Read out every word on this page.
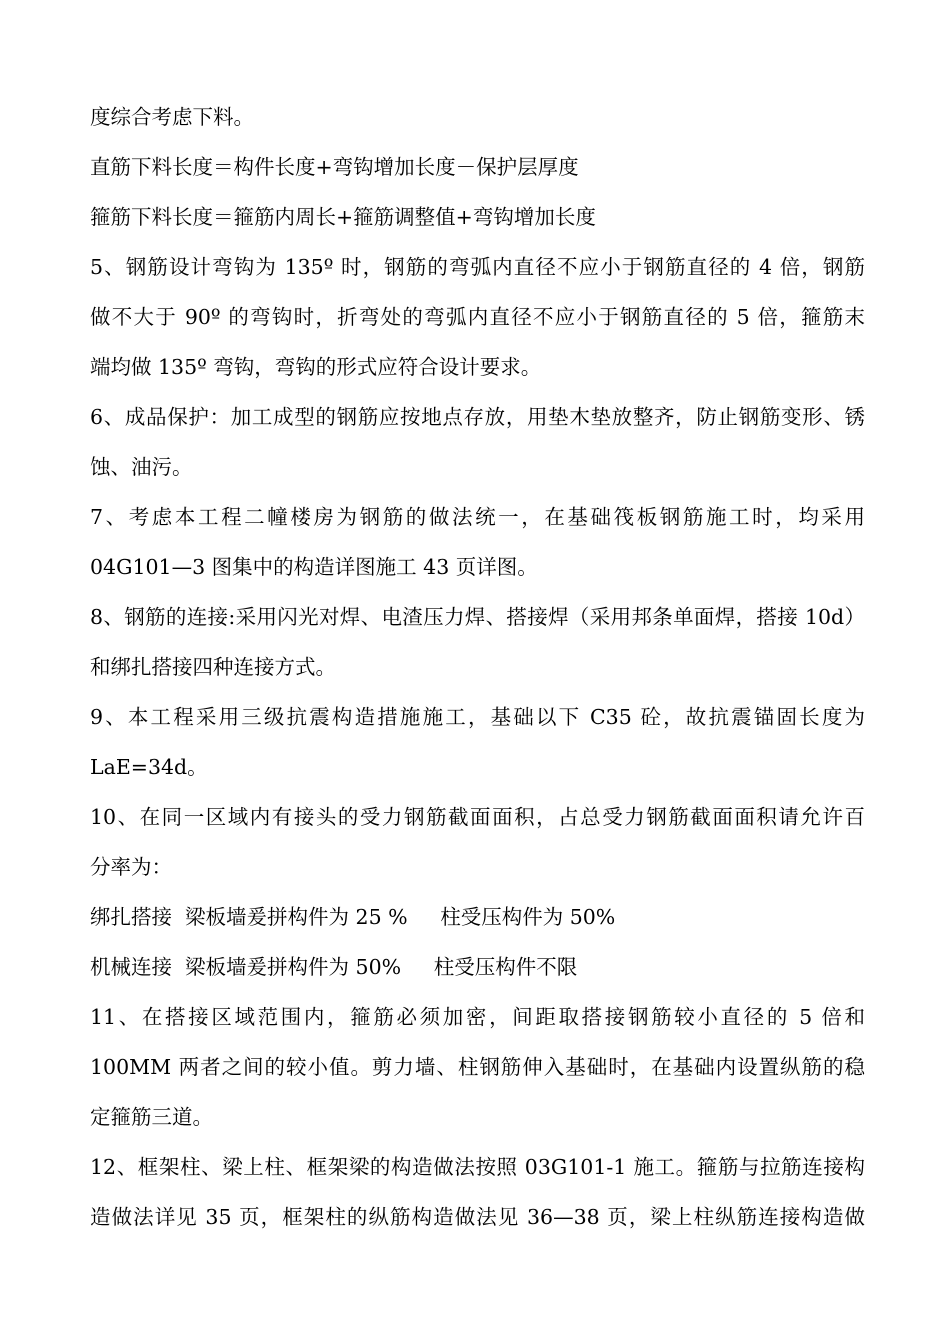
度综合考虑下料。

直筋下料长度＝构件长度+弯钩增加长度－保护层厚度

箍筋下料长度＝箍筋内周长+箍筋调整值+弯钩增加长度

5、钢筋设计弯钩为 135º 时，钢筋的弯弧内直径不应小于钢筋直径的 4 倍，钢筋

做不大于 90º 的弯钩时，折弯处的弯弧内直径不应小于钢筋直径的 5 倍，箍筋末

端均做 135º 弯钩，弯钩的形式应符合设计要求。

6、成品保护：加工成型的钢筋应按地点存放，用垫木垫放整齐，防止钢筋变形、锈

蚀、油污。

7、考虑本工程二幢楼房为钢筋的做法统一，在基础筏板钢筋施工时，均采用

04G101—3 图集中的构造详图施工 43 页详图。

8、钢筋的连接:采用闪光对焊、电渣压力焊、搭接焊（采用邦条单面焊，搭接 10d）

和绑扎搭接四种连接方式。

9、本工程采用三级抗震构造措施施工，基础以下 C35 砼，故抗震锚固长度为

LaE=34d。

10、在同一区域内有接头的受力钢筋截面面积，占总受力钢筋截面面积请允许百

分率为：

绑扎搭接  梁板墙爰拼构件为 25 %     柱受压构件为 50%

机械连接  梁板墙爰拼构件为 50%     柱受压构件不限

11、在搭接区域范围内，箍筋必须加密，间距取搭接钢筋较小直径的 5 倍和

100MM 两者之间的较小值。剪力墙、柱钢筋伸入基础时，在基础内设置纵筋的稳

定箍筋三道。

12、框架柱、梁上柱、框架梁的构造做法按照 03G101-1 施工。箍筋与拉筋连接构

造做法详见 35 页，框架柱的纵筋构造做法见 36—38 页，梁上柱纵筋连接构造做
